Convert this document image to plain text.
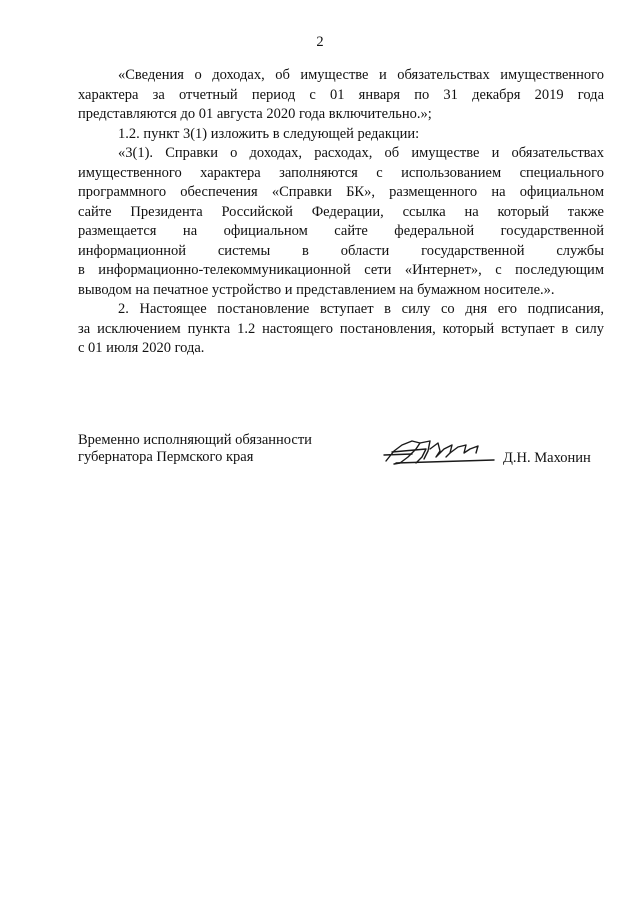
2

«Сведения о доходах, об имуществе и обязательствах имущественного

характера за отчетный период с 01 января по 31 декабря 2019 года

представляются до 01 августа 2020 года включительно.»;

1.2. пункт 3(1) изложить в следующей редакции:

«3(1). Справки о доходах, расходах, об имуществе и обязательствах

имущественного характера заполняются с использованием специального

программного обеспечения «Справки БК», размещенного на официальном

сайте Президента Российской Федерации, ссылка на который также

размещается на официальном сайте федеральной государственной

информационной системы в области государственной службы

в информационно-телекоммуникационной сети «Интернет», с последующим

выводом на печатное устройство и представлением на бумажном носителе.».

2. Настоящее постановление вступает в силу со дня его подписания,

за исключением пункта 1.2 настоящего постановления, который вступает в силу

с 01 июля 2020 года.

Временно исполняющий обязанности
губернатора Пермского края	Д.Н. Махонин
